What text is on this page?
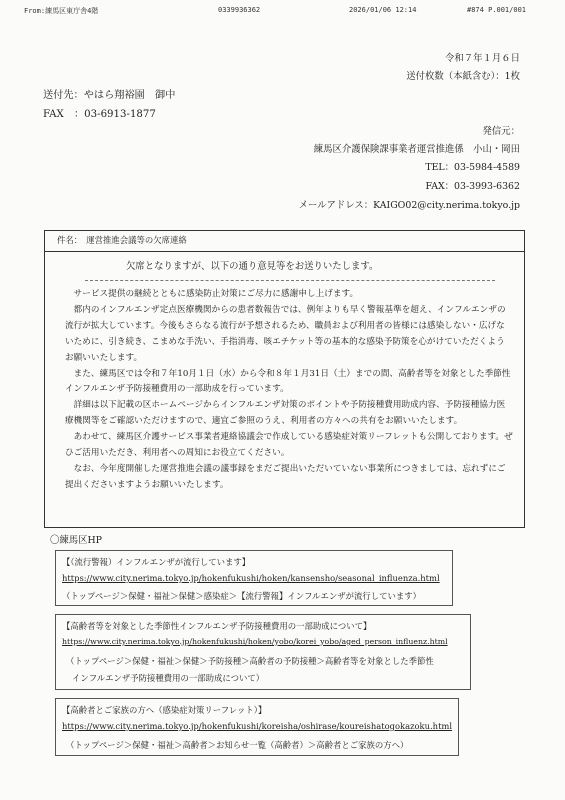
From:練馬区東庁舎4階	0339936362	2026/01/06 12:14	#874 P.001/001
令和７年１月６日
送付枚数（本紙含む）：1枚
送付先：やはら翔裕園　御中
FAX　：03-6913-1877
発信元：
練馬区介護保険課事業者運営推進係　小山・岡田
TEL：03-5984-4589
FAX：03-3993-6362
メールアドレス：KAIGO02@city.nerima.tokyo.jp
件名：　運営推進会議等の欠席連絡
欠席となりますが、以下の通り意見等をお送りいたします。

サービス提供の継続とともに感染防止対策にご尽力に感謝申し上げます。

都内のインフルエンザ定点医療機関からの患者数報告では、例年よりも早く警報基準を超え、インフルエンザの流行が拡大しています。今後もさらなる流行が予想されるため、職員および利用者の皆様には感染しない・広げないために、引き続き、こまめな手洗い、手指消毒、咳エチケット等の基本的な感染予防策を心がけていただくようお願いいたします。

また、練馬区では令和７年10月１日（水）から令和８年１月31日（土）までの間、高齢者等を対象とした季節性インフルエンザ予防接種費用の一部助成を行っています。

詳細は以下記載の区ホームページからインフルエンザ対策のポイントや予防接種費用助成内容、予防接種協力医療機関等をご確認いただけますので、適宜ご参照のうえ、利用者の方々への共有をお願いいたします。

あわせて、練馬区介護サービス事業者連絡協議会で作成している感染症対策リーフレットも公開しております。ぜひご活用いただき、利用者への周知にお役立てください。

なお、今年度開催した運営推進会議の議事録をまだご提出いただいていない事業所につきましては、忘れずにご提出くださいますようお願いいたします。

〇練馬区HP
【（流行警報）インフルエンザが流行しています】
https://www.city.nerima.tokyo.jp/hokenfukushi/hoken/kansensho/seasonal_influenza.html
（トップページ＞保健・福祉＞保健＞感染症＞【流行警報】インフルエンザが流行しています）
【高齢者等を対象とした季節性インフルエンザ予防接種費用の一部助成について】
https://www.city.nerima.tokyo.jp/hokenfukushi/hoken/yobo/korei_yobo/aged_person_influenz.html
（トップページ＞保健・福祉＞保健＞予防接種＞高齢者の予防接種＞高齢者等を対象とした季節性
インフルエンザ予防接種費用の一部助成について）
【高齢者とご家族の方へ（感染症対策リーフレット）】
https://www.city.nerima.tokyo.jp/hokenfukushi/koreisha/oshirase/koureishatogokazoku.html
（トップページ＞保健・福祉＞高齢者＞お知らせ一覧（高齢者）＞高齢者とご家族の方へ）
